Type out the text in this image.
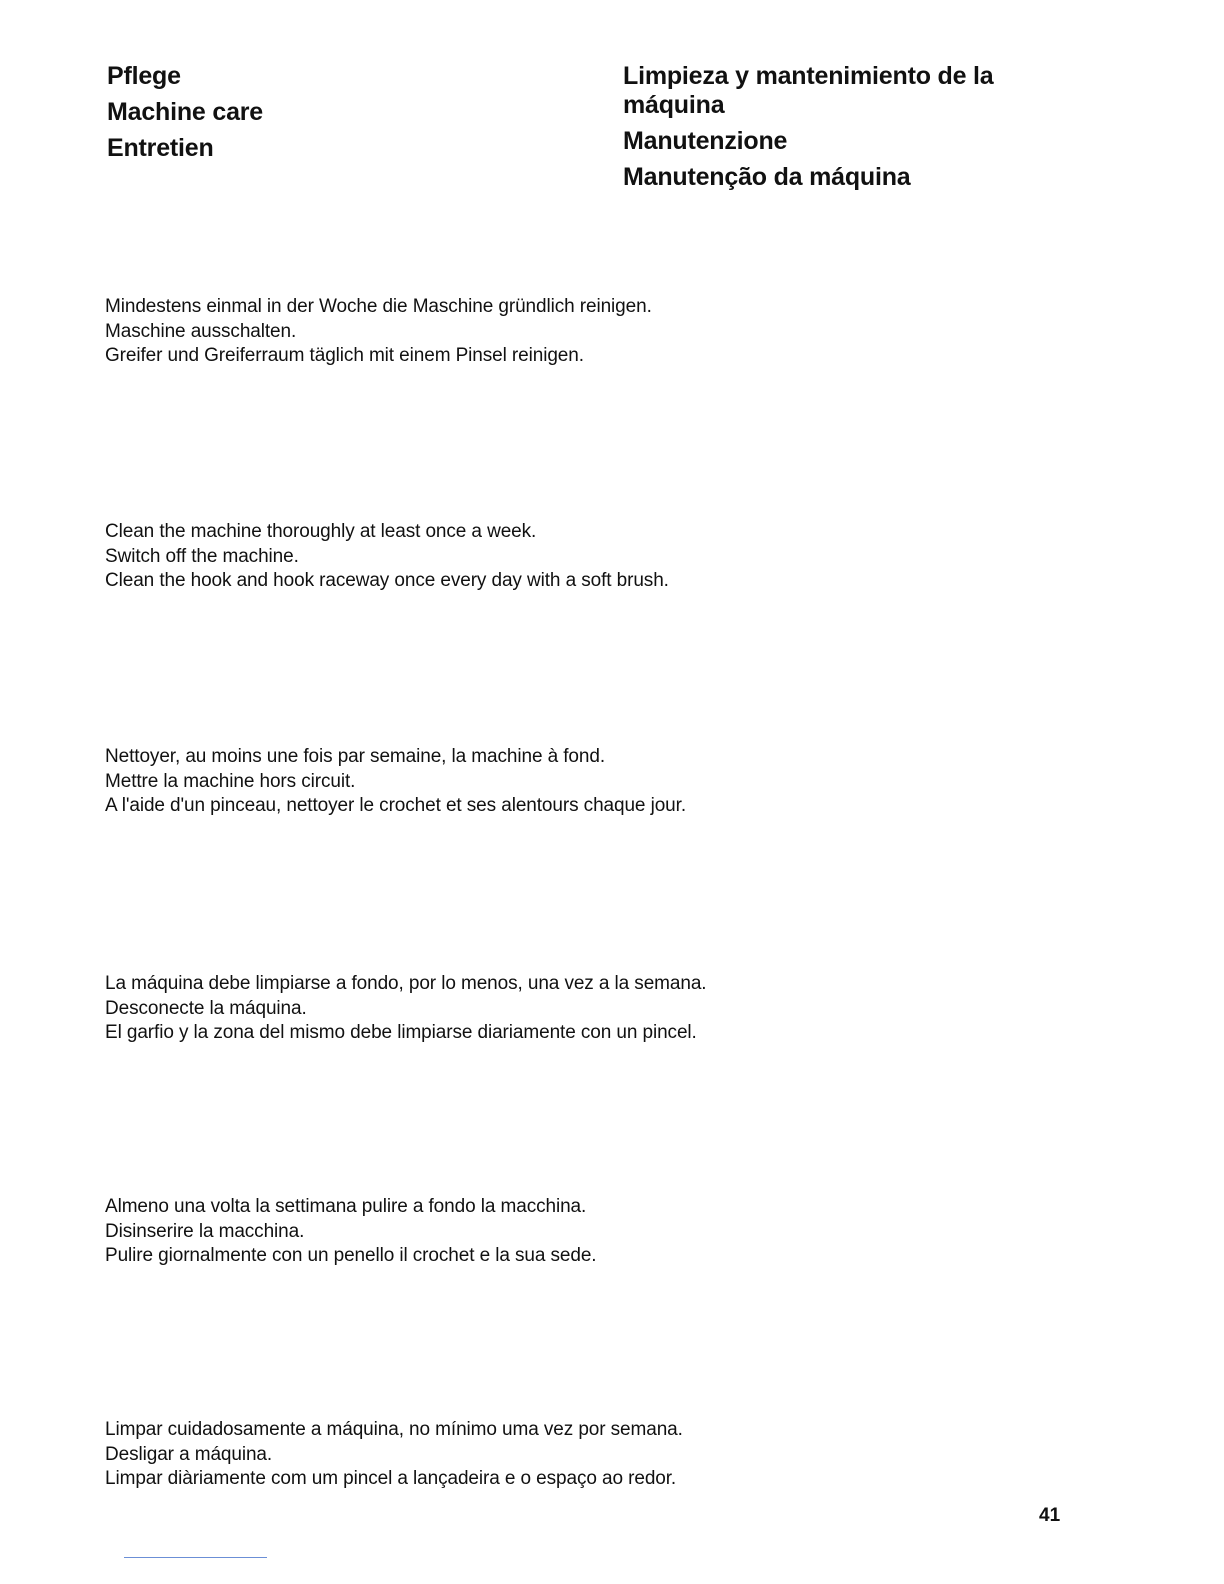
Pflege
Machine care
Entretien
Limpieza y mantenimiento de la máquina
Manutenzione
Manutenção da máquina
Mindestens einmal in der Woche die Maschine gründlich reinigen.
Maschine ausschalten.
Greifer und Greiferraum täglich mit einem Pinsel reinigen.
Clean the machine thoroughly at least once a week.
Switch off the machine.
Clean the hook and hook raceway once every day with a soft brush.
Nettoyer, au moins une fois par semaine, la machine à fond.
Mettre la machine hors circuit.
A l'aide d'un pinceau, nettoyer le crochet et ses alentours chaque jour.
La máquina debe limpiarse a fondo, por lo menos, una vez a la semana.
Desconecte la máquina.
El garfio y la zona del mismo debe limpiarse diariamente con un pincel.
Almeno una volta la settimana pulire a fondo la macchina.
Disinserire la macchina.
Pulire giornalmente con un penello il crochet e la sua sede.
Limpar cuidadosamente a máquina, no mínimo uma vez por semana.
Desligar a máquina.
Limpar diàriamente com um pincel a lançadeira e o espaço ao redor.
41
